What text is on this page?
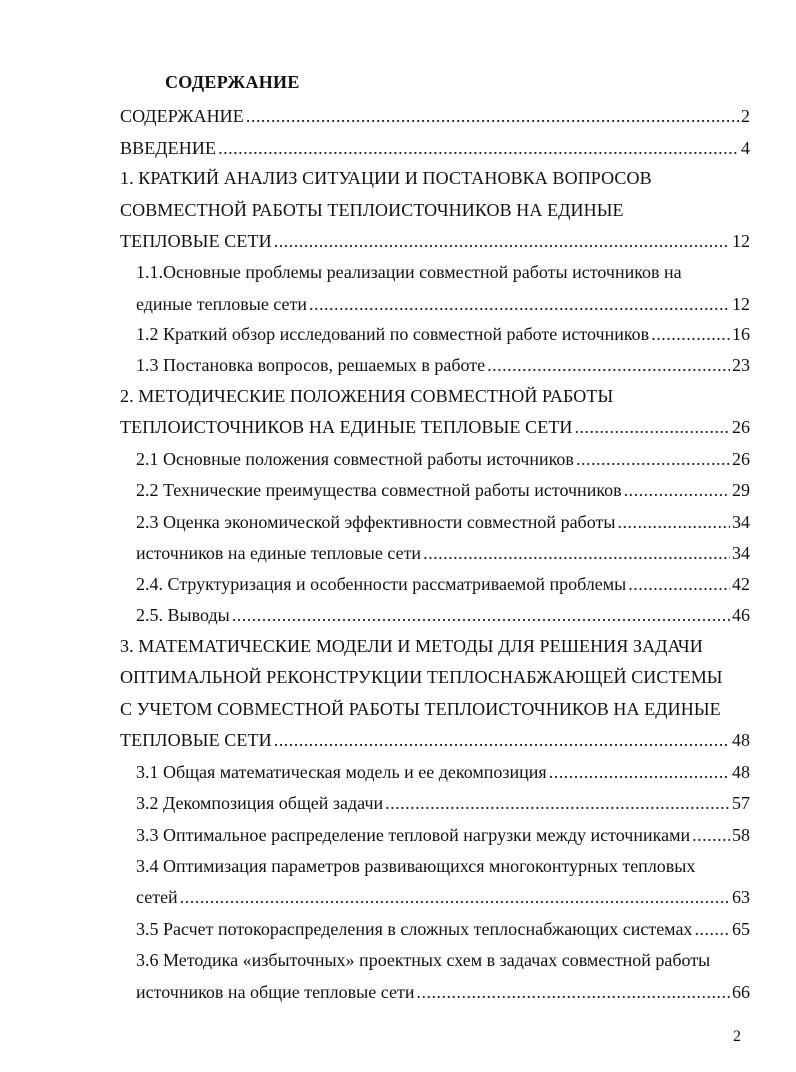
СОДЕРЖАНИЕ
СОДЕРЖАНИЕ .....	2
ВВЕДЕНИЕ .....	4
1. КРАТКИЙ АНАЛИЗ СИТУАЦИИ И ПОСТАНОВКА ВОПРОСОВ
СОВМЕСТНОЙ РАБОТЫ ТЕПЛОИСТОЧНИКОВ НА ЕДИНЫЕ
ТЕПЛОВЫЕ СЕТИ .....	12
1.1.Основные проблемы реализации совместной работы источников на
единые тепловые сети .....	12
1.2 Краткий обзор исследований по совместной работе источников .....	16
1.3 Постановка вопросов, решаемых в работе .....	23
2. МЕТОДИЧЕСКИЕ ПОЛОЖЕНИЯ СОВМЕСТНОЙ РАБОТЫ
ТЕПЛОИСТОЧНИКОВ НА ЕДИНЫЕ ТЕПЛОВЫЕ СЕТИ .....	26
2.1 Основные положения совместной работы источников .....	26
2.2 Технические преимущества совместной работы источников .....	29
2.3 Оценка экономической эффективности совместной работы .....	34
источников на единые тепловые сети .....	34
2.4. Структуризация и особенности рассматриваемой проблемы .....	42
2.5. Выводы .....	46
3. МАТЕМАТИЧЕСКИЕ МОДЕЛИ И МЕТОДЫ ДЛЯ РЕШЕНИЯ ЗАДАЧИ
ОПТИМАЛЬНОЙ РЕКОНСТРУКЦИИ ТЕПЛОСНАБЖАЮЩЕЙ СИСТЕМЫ
С УЧЕТОМ СОВМЕСТНОЙ РАБОТЫ ТЕПЛОИСТОЧНИКОВ НА ЕДИНЫЕ
ТЕПЛОВЫЕ СЕТИ .....	48
3.1 Общая математическая модель и ее декомпозиция .....	48
3.2 Декомпозиция общей задачи .....	57
3.3 Оптимальное распределение тепловой нагрузки между источниками ..... 58
3.4 Оптимизация параметров развивающихся многоконтурных тепловых
сетей .....	63
3.5 Расчет потокораспределения в сложных теплоснабжающих системах ..... 65
3.6 Методика «избыточных» проектных схем в задачах совместной работы
источников на общие тепловые сети .....	66
2
